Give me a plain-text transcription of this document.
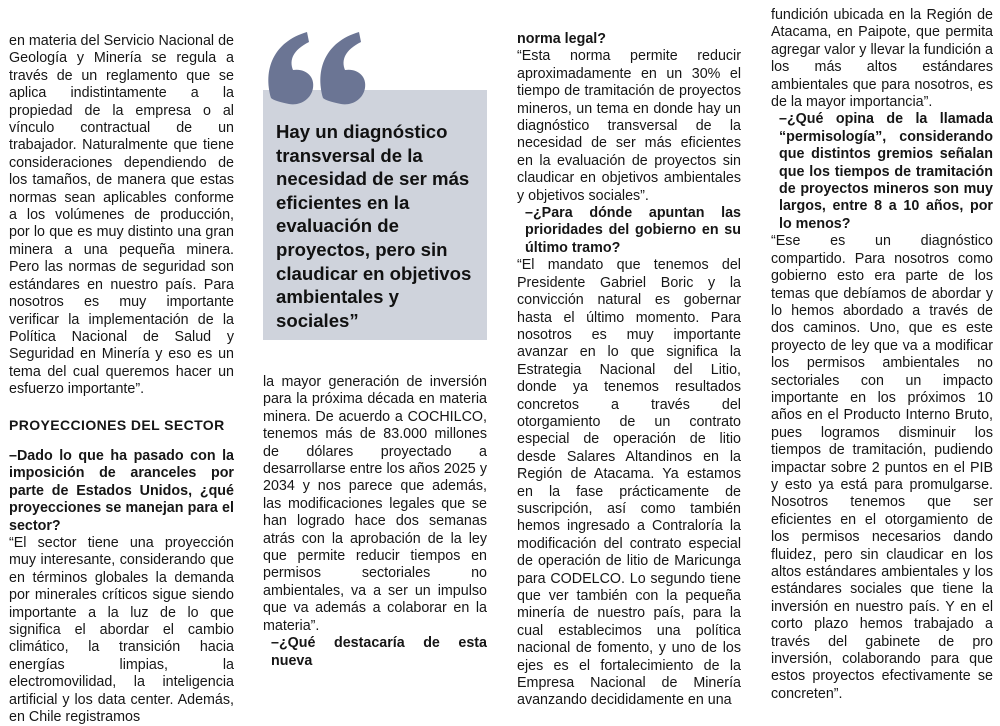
en materia del Servicio Nacional de Geología y Minería se regula a través de un reglamento que se aplica indistintamente a la propiedad de la empresa o al vínculo contractual de un trabajador. Naturalmente que tiene consideraciones dependiendo de los tamaños, de manera que estas normas sean aplicables conforme a los volúmenes de producción, por lo que es muy distinto una gran minera a una pequeña minera. Pero las normas de seguridad son estándares en nuestro país. Para nosotros es muy importante verificar la implementación de la Política Nacional de Salud y Seguridad en Minería y eso es un tema del cual queremos hacer un esfuerzo importante”.

PROYECCIONES DEL SECTOR

–Dado lo que ha pasado con la imposición de aranceles por parte de Estados Unidos, ¿qué proyecciones se manejan para el sector?

“El sector tiene una proyección muy interesante, considerando que en términos globales la demanda por minerales críticos sigue siendo importante a la luz de lo que significa el abordar el cambio climático, la transición hacia energías limpias, la electromovilidad, la inteligencia artificial y los data center. Además, en Chile registramos

Hay un diagnóstico transversal de la necesidad de ser más eficientes en la evaluación de proyectos, pero sin claudicar en objetivos ambientales y sociales”

la mayor generación de inversión para la próxima década en materia minera. De acuerdo a COCHILCO, tenemos más de 83.000 millones de dólares proyectado a desarrollarse entre los años 2025 y 2034 y nos parece que además, las modificaciones legales que se han logrado hace dos semanas atrás con la aprobación de la ley que permite reducir tiempos en permisos sectoriales no ambientales, va a ser un impulso que va además a colaborar en la materia”.

–¿Qué destacaría de esta nueva

norma legal?

“Esta norma permite reducir aproximadamente en un 30% el tiempo de tramitación de proyectos mineros, un tema en donde hay un diagnóstico transversal de la necesidad de ser más eficientes en la evaluación de proyectos sin claudicar en objetivos ambientales y objetivos sociales”.

–¿Para dónde apuntan las prioridades del gobierno en su último tramo?

“El mandato que tenemos del Presidente Gabriel Boric y la convicción natural es gobernar hasta el último momento. Para nosotros es muy importante avanzar en lo que significa la Estrategia Nacional del Litio, donde ya tenemos resultados concretos a través del otorgamiento de un contrato especial de operación de litio desde Salares Altandinos en la Región de Atacama. Ya estamos en la fase prácticamente de suscripción, así como también hemos ingresado a Contraloría la modificación del contrato especial de operación de litio de Maricunga para CODELCO. Lo segundo tiene que ver también con la pequeña minería de nuestro país, para la cual establecimos una política nacional de fomento, y uno de los ejes es el fortalecimiento de la Empresa Nacional de Minería avanzando decididamente en una

fundición ubicada en la Región de Atacama, en Paipote, que permita agregar valor y llevar la fundición a los más altos estándares ambientales que para nosotros, es de la mayor importancia”.

–¿Qué opina de la llamada “permisología”, considerando que distintos gremios señalan que los tiempos de tramitación de proyectos mineros son muy largos, entre 8 a 10 años, por lo menos?

“Ese es un diagnóstico compartido. Para nosotros como gobierno esto era parte de los temas que debíamos de abordar y lo hemos abordado a través de dos caminos. Uno, que es este proyecto de ley que va a modificar los permisos ambientales no sectoriales con un impacto importante en los próximos 10 años en el Producto Interno Bruto, pues logramos disminuir los tiempos de tramitación, pudiendo impactar sobre 2 puntos en el PIB y esto ya está para promulgarse. Nosotros tenemos que ser eficientes en el otorgamiento de los permisos necesarios dando fluidez, pero sin claudicar en los altos estándares ambientales y los estándares sociales que tiene la inversión en nuestro país. Y en el corto plazo hemos trabajado a través del gabinete de pro inversión, colaborando para que estos proyectos efectivamente se concreten”.
